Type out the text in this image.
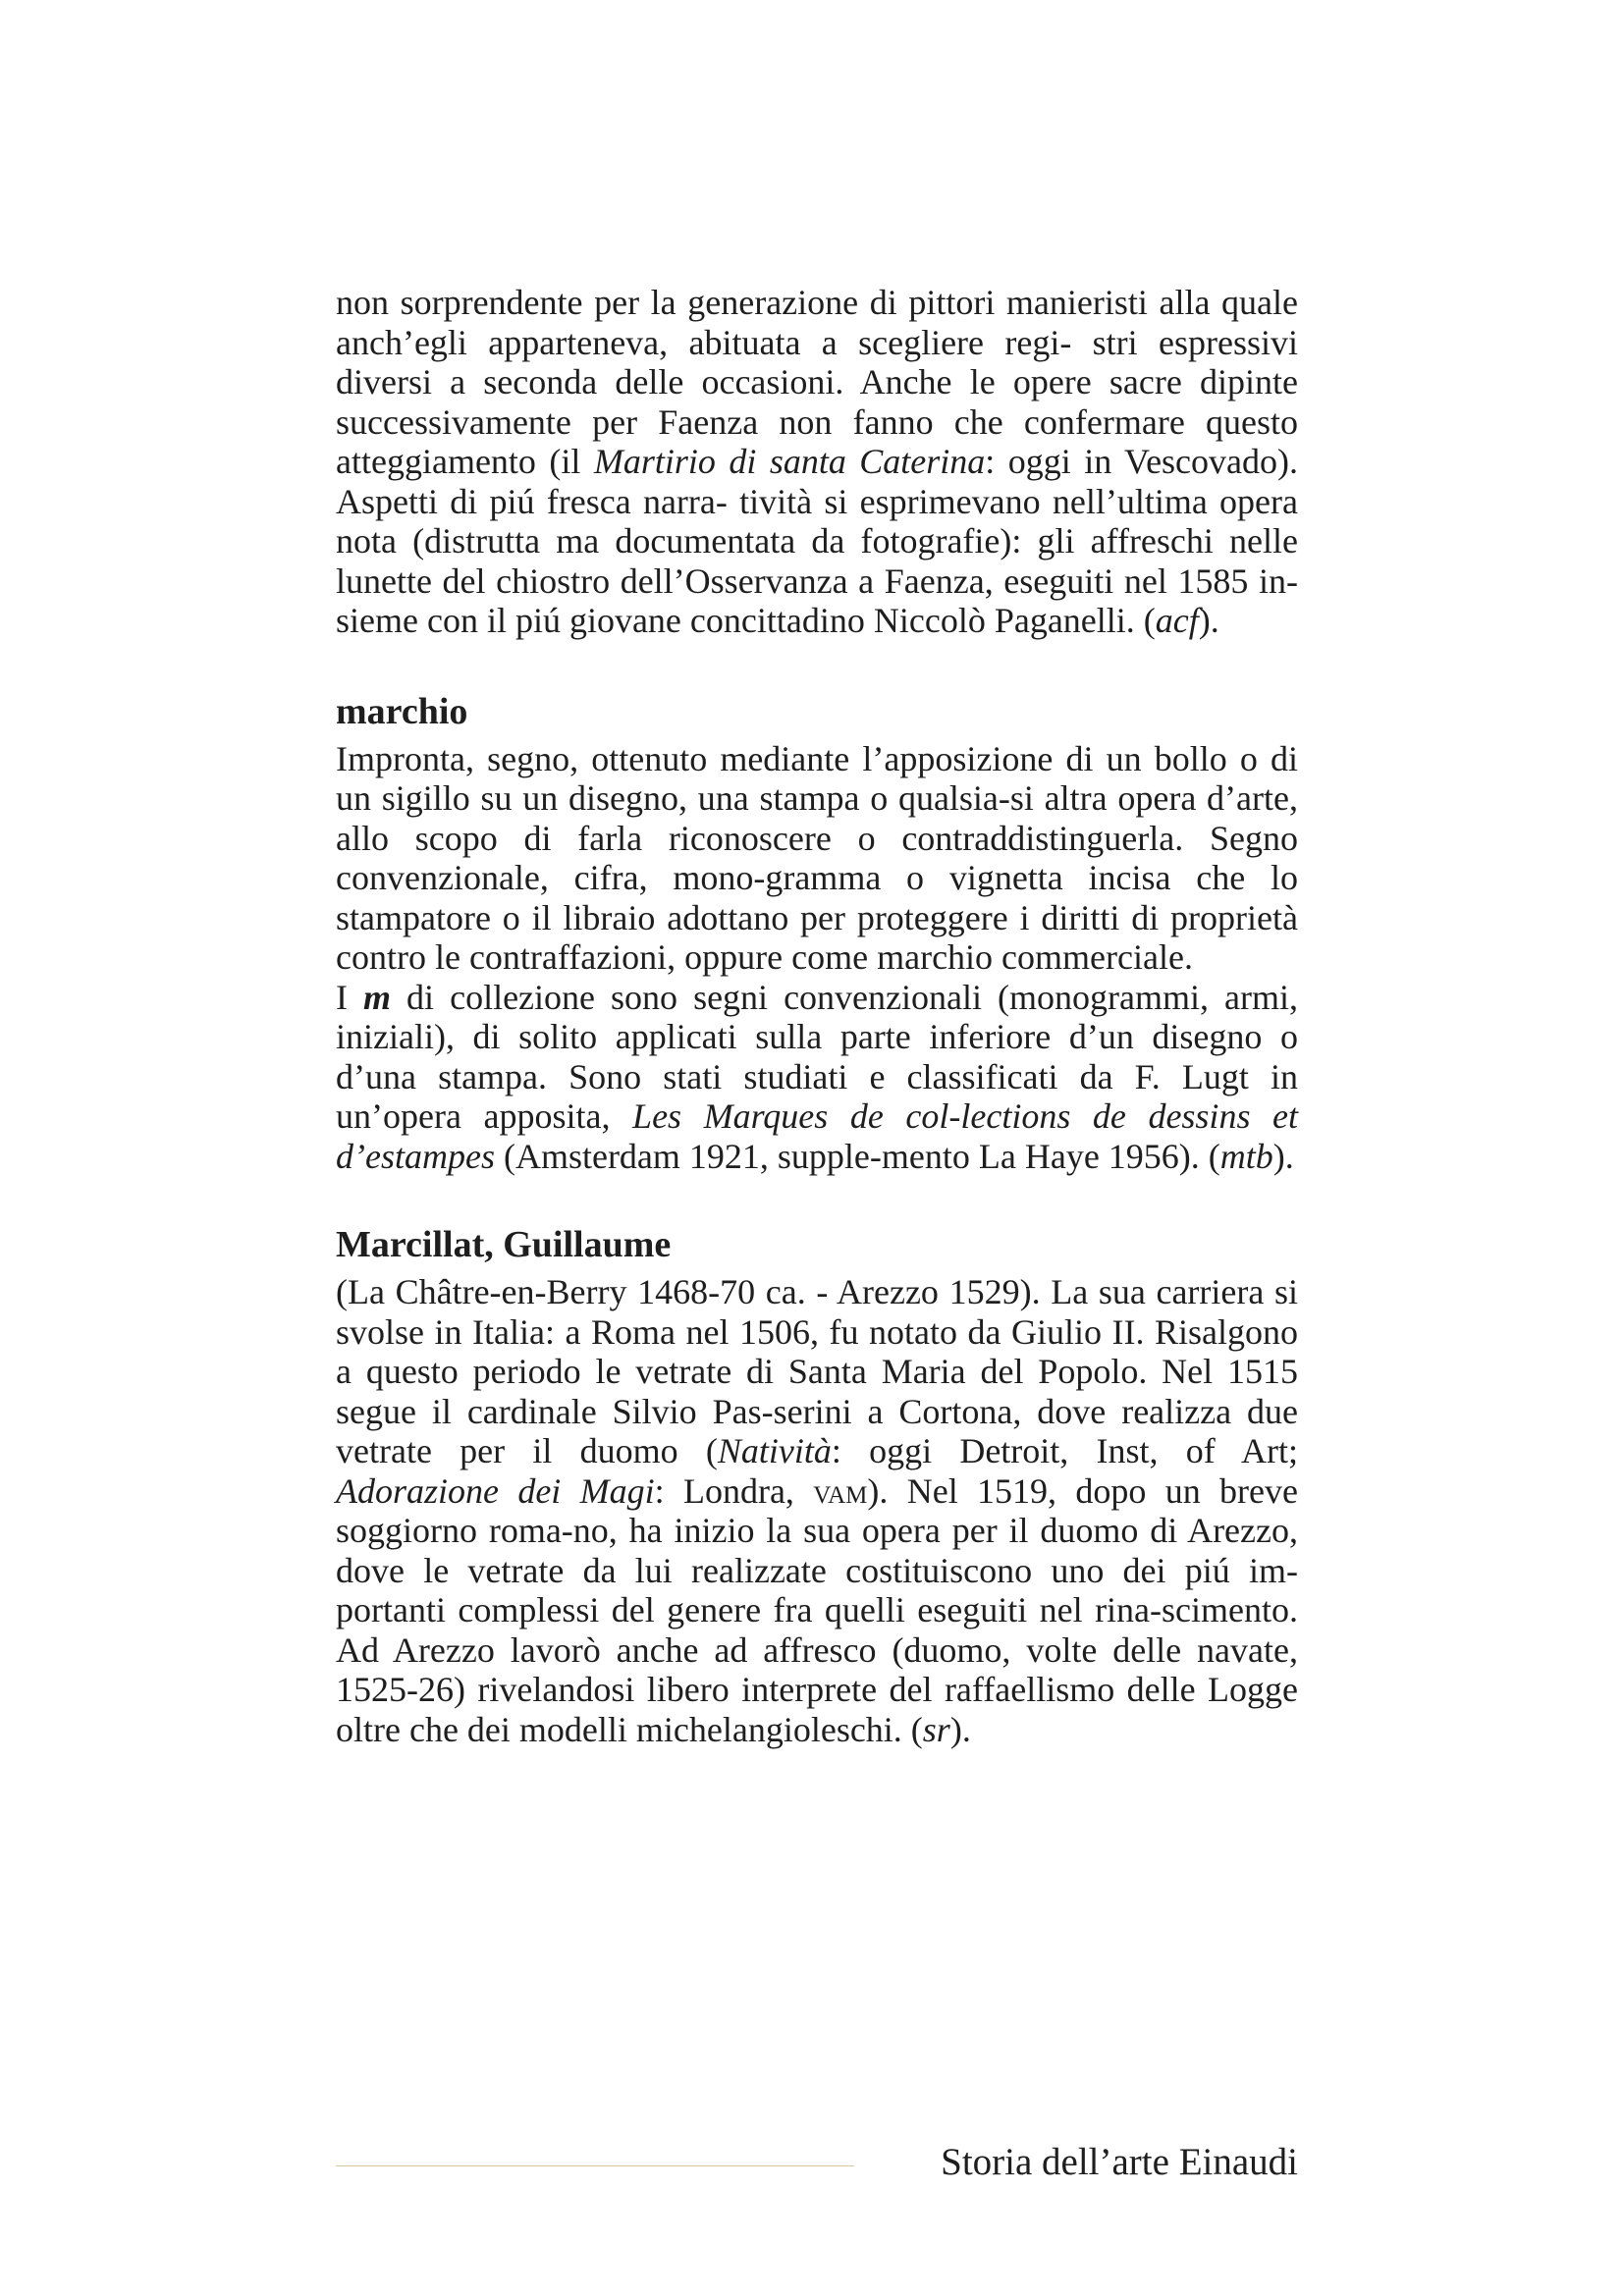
non sorprendente per la generazione di pittori manieristi alla quale anch’egli apparteneva, abituata a scegliere regi- stri espressivi diversi a seconda delle occasioni. Anche le opere sacre dipinte successivamente per Faenza non fanno che confermare questo atteggiamento (il Martirio di santa Caterina: oggi in Vescovado). Aspetti di piú fresca narra- tività si esprimevano nell’ultima opera nota (distrutta ma documentata da fotografie): gli affreschi nelle lunette del chiostro dell’Osservanza a Faenza, eseguiti nel 1585 in- sieme con il piú giovane concittadino Niccolò Paganelli. (acf).

marchio

Impronta, segno, ottenuto mediante l’apposizione di un bollo o di un sigillo su un disegno, una stampa o qualsia-si altra opera d’arte, allo scopo di farla riconoscere o contraddistinguerla. Segno convenzionale, cifra, mono-gramma o vignetta incisa che lo stampatore o il libraio adottano per proteggere i diritti di proprietà contro le contraffazioni, oppure come marchio commerciale.

I m di collezione sono segni convenzionali (monogrammi, armi, iniziali), di solito applicati sulla parte inferiore d’un disegno o d’una stampa. Sono stati studiati e classificati da F. Lugt in un’opera apposita, Les Marques de col-lections de dessins et d’estampes (Amsterdam 1921, supple-mento La Haye 1956). (mtb).

Marcillat, Guillaume

(La Châtre-en-Berry 1468-70 ca. - Arezzo 1529). La sua carriera si svolse in Italia: a Roma nel 1506, fu notato da Giulio II. Risalgono a questo periodo le vetrate di Santa Maria del Popolo. Nel 1515 segue il cardinale Silvio Pas-serini a Cortona, dove realizza due vetrate per il duomo (Natività: oggi Detroit, Inst, of Art; Adorazione dei Magi: Londra, vam). Nel 1519, dopo un breve soggiorno roma-no, ha inizio la sua opera per il duomo di Arezzo, dove le vetrate da lui realizzate costituiscono uno dei piú im-portanti complessi del genere fra quelli eseguiti nel rina-scimento. Ad Arezzo lavorò anche ad affresco (duomo, volte delle navate, 1525-26) rivelandosi libero interprete del raffaellismo delle Logge oltre che dei modelli michelangioleschi. (sr).

Storia dell’arte Einaudi
